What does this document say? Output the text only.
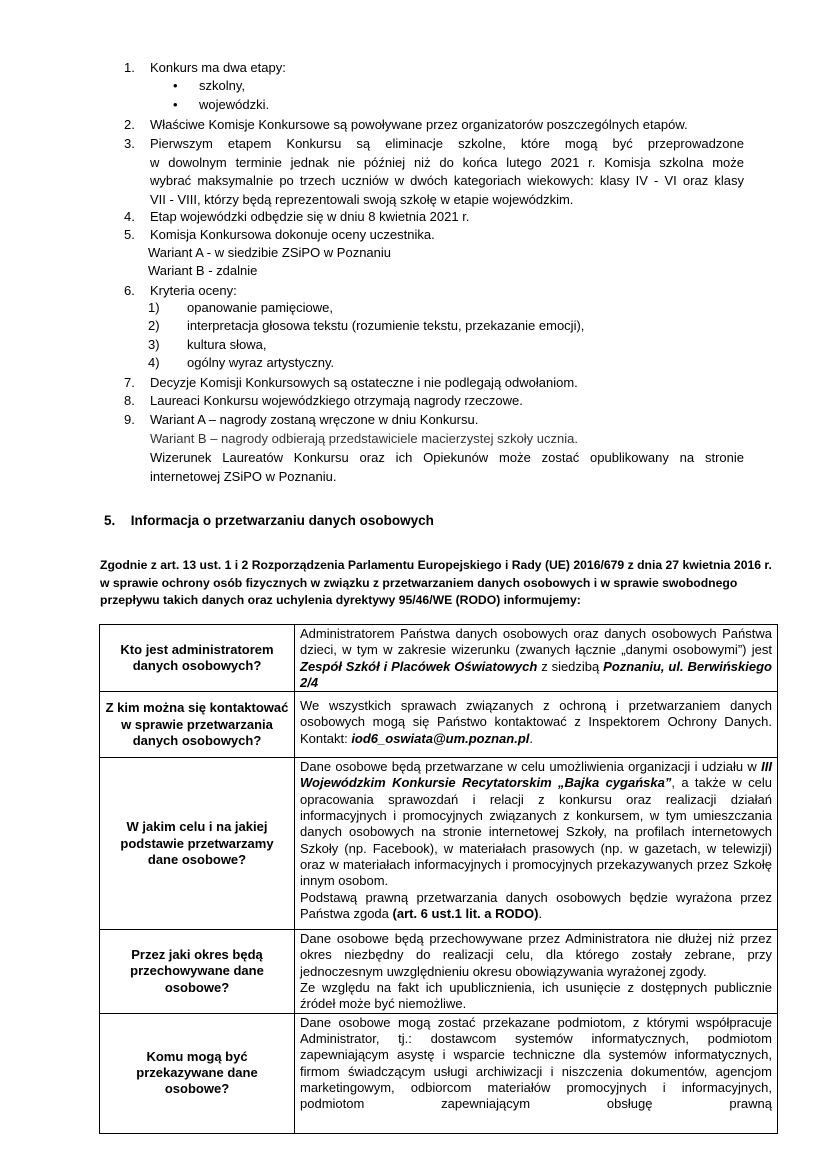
1.	Konkurs ma dwa etapy:
• szkolny,
• wojewódzki.
2.	Właściwe Komisje Konkursowe są powoływane przez organizatorów poszczególnych etapów.
3.	Pierwszym etapem Konkursu są eliminacje szkolne, które mogą być przeprowadzone
w dowolnym terminie jednak nie później niż do końca lutego 2021 r. Komisja szkolna może
wybrać maksymalnie po trzech uczniów w dwóch kategoriach wiekowych: klasy IV - VI oraz klasy
VII - VIII, którzy będą reprezentowali swoją szkołę w etapie wojewódzkim.
4.	Etap wojewódzki odbędzie się w dniu 8 kwietnia 2021 r.
5.	Komisja Konkursowa dokonuje oceny uczestnika.
Wariant A - w siedzibie ZSiPO w Poznaniu
Wariant B - zdalnie
6.	Kryteria oceny:
1) opanowanie pamięciowe,
2) interpretacja głosowa tekstu (rozumienie tekstu, przekazanie emocji),
3) kultura słowa,
4) ogólny wyraz artystyczny.
7.	Decyzje Komisji Konkursowych są ostateczne i nie podlegają odwołaniom.
8.	Laureaci Konkursu wojewódzkiego otrzymają nagrody rzeczowe.
9.	Wariant A – nagrody zostaną wręczone w dniu Konkursu.
Wariant B – nagrody odbierają przedstawiciele macierzystej szkoły ucznia.
Wizerunek Laureatów Konkursu oraz ich Opiekunów może zostać opublikowany na stronie
internetowej ZSiPO w Poznaniu.
5. Informacja o przetwarzaniu danych osobowych
Zgodnie z art. 13 ust. 1 i 2 Rozporządzenia Parlamentu Europejskiego i Rady (UE) 2016/679 z dnia 27 kwietnia 2016 r. w sprawie ochrony osób fizycznych w związku z przetwarzaniem danych osobowych i w sprawie swobodnego przepływu takich danych oraz uchylenia dyrektywy 95/46/WE (RODO) informujemy:
Kto jest administratorem danych osobowych?	Administratorem Państwa danych osobowych oraz danych osobowych Państwa dzieci, w tym w zakresie wizerunku (zwanych łącznie „danymi osobowymi”) jest Zespół Szkół i Placówek Oświatowych z siedzibą Poznaniu, ul. Berwińskiego 2/4
Z kim można się kontaktować w sprawie przetwarzania danych osobowych?	We wszystkich sprawach związanych z ochroną i przetwarzaniem danych osobowych mogą się Państwo kontaktować z Inspektorem Ochrony Danych. Kontakt: iod6_oswiata@um.poznan.pl.
W jakim celu i na jakiej podstawie przetwarzamy dane osobowe?	Dane osobowe będą przetwarzane w celu umożliwienia organizacji i udziału w III Wojewódzkim Konkursie Recytatorskim „Bajka cygańska”, a także w celu opracowania sprawozdań i relacji z konkursu oraz realizacji działań informacyjnych i promocyjnych związanych z konkursem, w tym umieszczania danych osobowych na stronie internetowej Szkoły, na profilach internetowych Szkoły (np. Facebook), w materiałach prasowych (np. w gazetach, w telewizji) oraz w materiałach informacyjnych i promocyjnych przekazywanych przez Szkołę innym osobom.
Podstawą prawną przetwarzania danych osobowych będzie wyrażona przez Państwa zgoda (art. 6 ust.1 lit. a RODO).
Przez jaki okres będą przechowywane dane osobowe?	Dane osobowe będą przechowywane przez Administratora nie dłużej niż przez okres niezbędny do realizacji celu, dla którego zostały zebrane, przy jednoczesnym uwzględnieniu okresu obowiązywania wyrażonej zgody.
Ze względu na fakt ich upublicznienia, ich usunięcie z dostępnych publicznie źródeł może być niemożliwe.
Komu mogą być przekazywane dane osobowe?	Dane osobowe mogą zostać przekazane podmiotom, z którymi współpracuje Administrator, tj.: dostawcom systemów informatycznych, podmiotom zapewniającym asystę i wsparcie techniczne dla systemów informatycznych, firmom świadczącym usługi archiwizacji i niszczenia dokumentów, agencjom marketingowym, odbiorcom materiałów promocyjnych i informacyjnych, podmiotom zapewniającym obsługę prawną
